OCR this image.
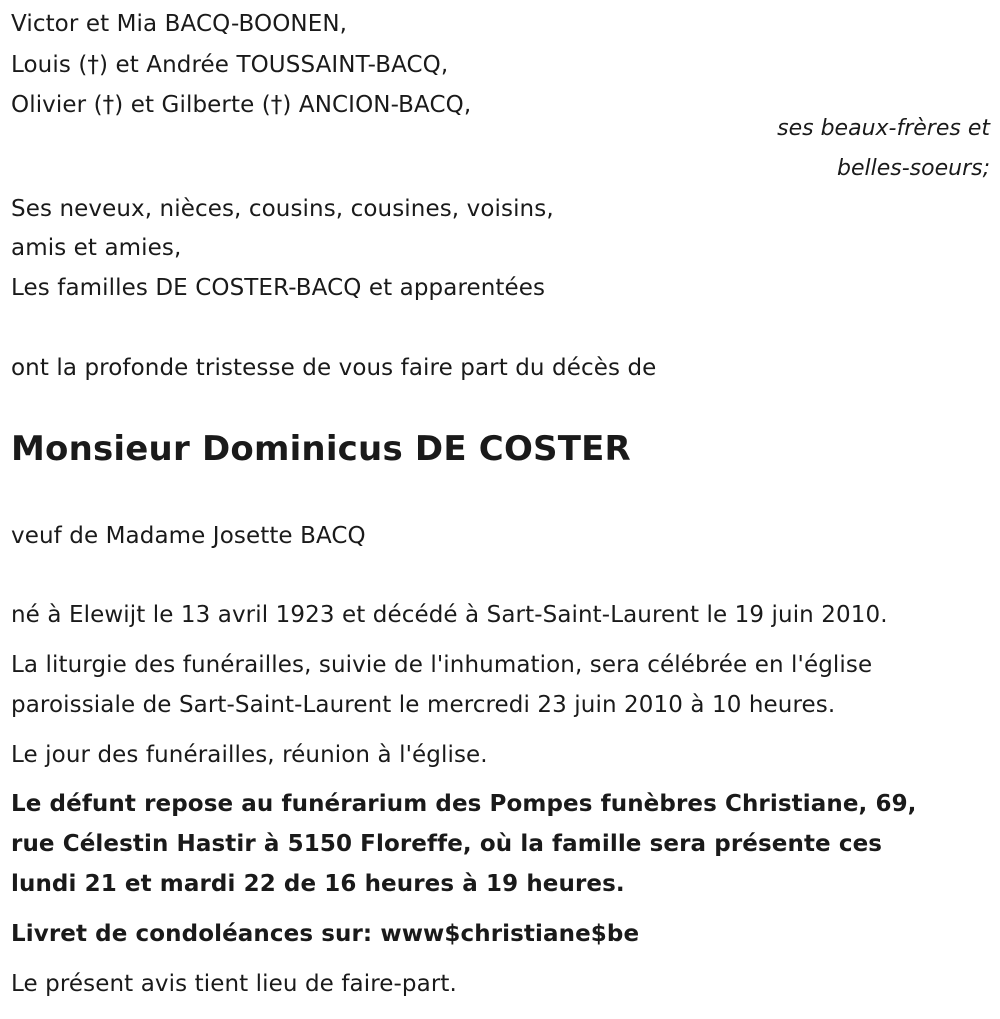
Victor et Mia BACQ-BOONEN,
Louis (†) et Andrée TOUSSAINT-BACQ,
Olivier (†) et Gilberte (†) ANCION-BACQ,
ses beaux-frères et
belles-soeurs;
Ses neveux, nièces, cousins, cousines, voisins,
amis et amies,
Les familles DE COSTER-BACQ et apparentées
ont la profonde tristesse de vous faire part du décès de
Monsieur Dominicus DE COSTER
veuf de Madame Josette BACQ
né à Elewijt le 13 avril 1923 et décédé à Sart-Saint-Laurent le 19 juin 2010.
La liturgie des funérailles, suivie de l'inhumation, sera célébrée en l'église
paroissiale de Sart-Saint-Laurent le mercredi 23 juin 2010 à 10 heures.
Le jour des funérailles, réunion à l'église.
Le défunt repose au funérarium des Pompes funèbres Christiane, 69,
rue Célestin Hastir à 5150 Floreffe, où la famille sera présente ces
lundi 21 et mardi 22 de 16 heures à 19 heures.
Livret de condoléances sur: www$christiane$be
Le présent avis tient lieu de faire-part.
